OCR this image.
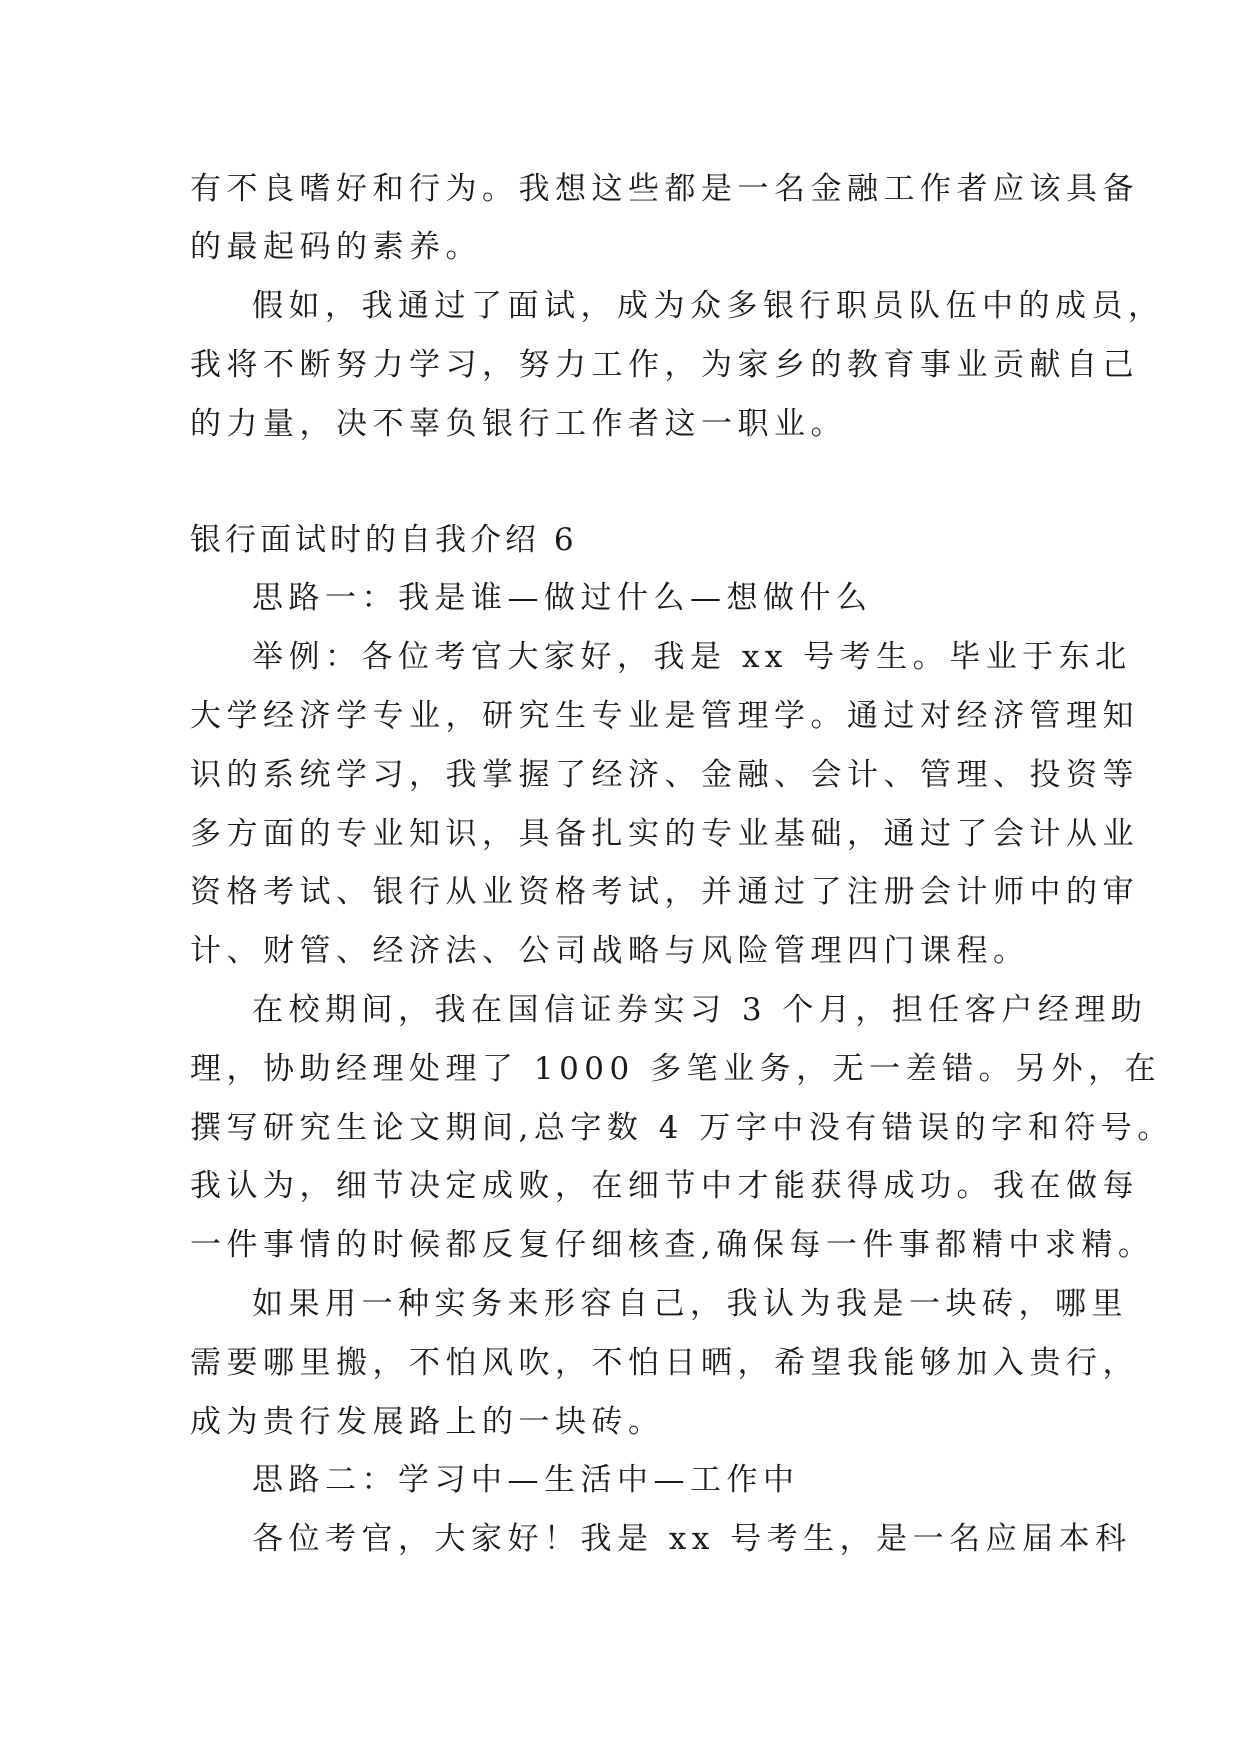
有不良嗜好和行为。我想这些都是一名金融工作者应该具备
的最起码的素养。
假如，我通过了面试，成为众多银行职员队伍中的成员，
我将不断努力学习，努力工作，为家乡的教育事业贡献自己
的力量，决不辜负银行工作者这一职业。
银行面试时的自我介绍 6
思路一：我是谁—做过什么—想做什么
举例：各位考官大家好，我是 xx 号考生。毕业于东北
大学经济学专业，研究生专业是管理学。通过对经济管理知
识的系统学习，我掌握了经济、金融、会计、管理、投资等
多方面的专业知识，具备扎实的专业基础，通过了会计从业
资格考试、银行从业资格考试，并通过了注册会计师中的审
计、财管、经济法、公司战略与风险管理四门课程。
在校期间，我在国信证券实习 3 个月，担任客户经理助
理，协助经理处理了 1000 多笔业务，无一差错。另外，在
撰写研究生论文期间,总字数 4 万字中没有错误的字和符号。
我认为，细节决定成败，在细节中才能获得成功。我在做每
一件事情的时候都反复仔细核查,确保每一件事都精中求精。
如果用一种实务来形容自己，我认为我是一块砖，哪里
需要哪里搬，不怕风吹，不怕日晒，希望我能够加入贵行，
成为贵行发展路上的一块砖。
思路二：学习中—生活中—工作中
各位考官，大家好！我是 xx 号考生，是一名应届本科
